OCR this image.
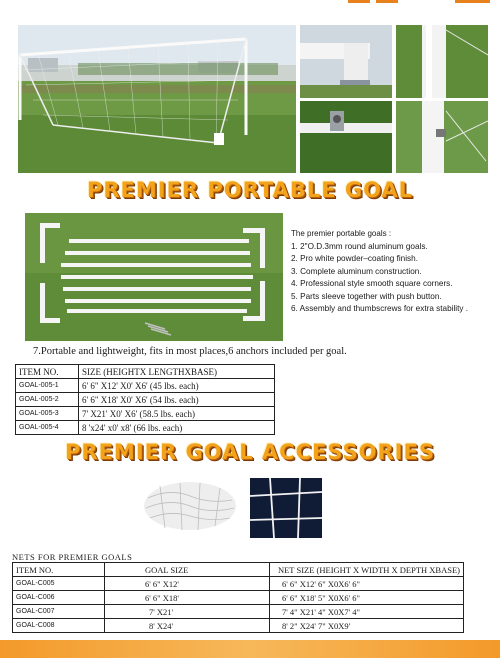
PREMIER PORTABLE GOAL
The premier portable goals :
1. 2"O.D.3mm round aluminum goals.
2. Pro white powder–coating finish.
3. Complete aluminum construction.
4. Professional style smooth square corners.
5. Parts sleeve together with push button.
6. Assembly and thumbscrews for extra stability .
7.Portable and lightweight, fits in most places,6 anchors included per goal.
ITEM NO.	SIZE (HEIGHTX LENGTHXBASE)
GOAL-005-1	6' 6" X12' X0' X6' (45 lbs. each)
GOAL-005-2	6' 6" X18' X0' X6' (54 lbs. each)
GOAL-005-3	7' X21' X0' X6' (58.5 lbs. each)
GOAL-005-4	8 'x24' x0' x8' (66 lbs. each)
PREMIER GOAL ACCESSORIES
NETS FOR PREMIER GOALS
ITEM NO.	GOAL SIZE	NET SIZE (HEIGHT X WIDTH X DEPTH XBASE)
GOAL-C005	6' 6" X12'	6' 6" X12' 6" X0X6' 6"
GOAL-C006	6' 6" X18'	6' 6" X18' 5" X0X6' 6"
GOAL-C007	7' X21'	7' 4" X21' 4" X0X7' 4"
GOAL-C008	8' X24'	8' 2" X24' 7" X0X9'
